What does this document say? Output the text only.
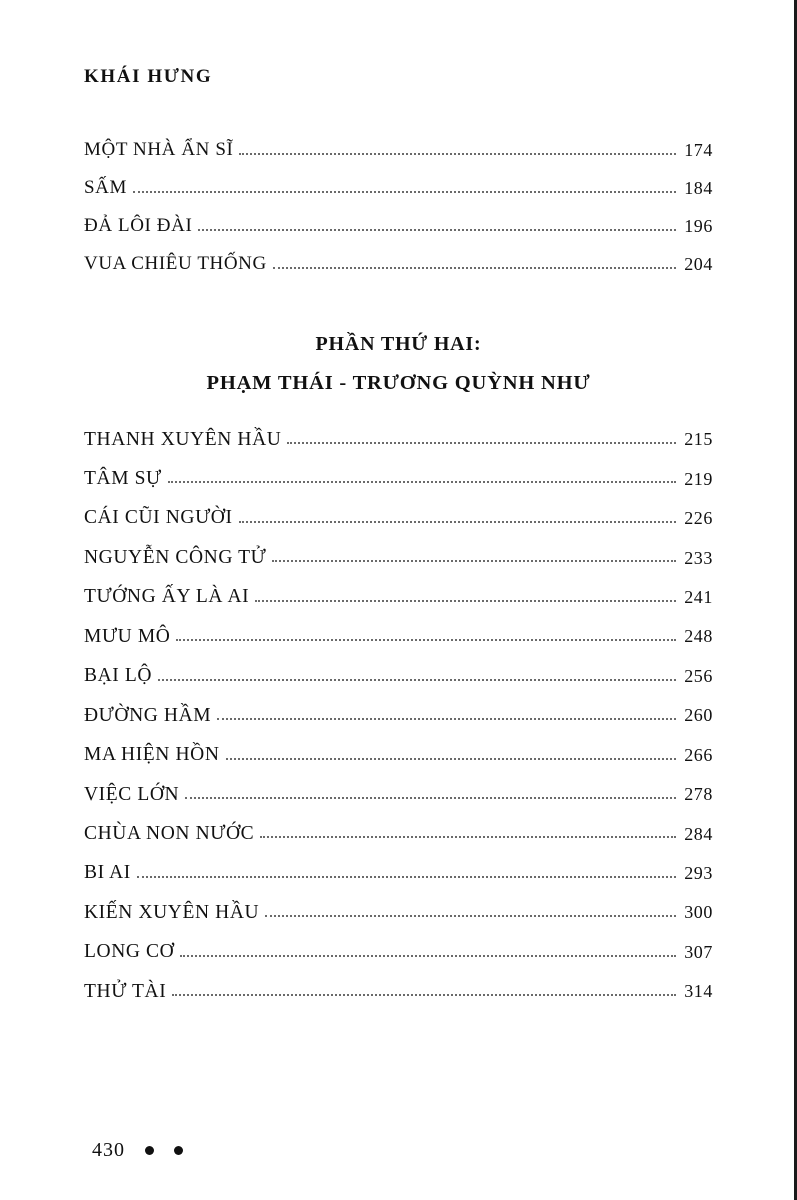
KHÁI HƯNG
MỘT NHÀ ẨN SĨ	174
SẤM	184
ĐẢ LÔI ĐÀI	196
VUA CHIÊU THỐNG	204
PHẦN THỨ HAI:
PHẠM THÁI - TRƯƠNG QUỲNH NHƯ
THANH XUYÊN HẦU	215
TÂM SỰ	219
CÁI CŨI NGƯỜI	226
NGUYỄN CÔNG TỬ	233
TƯỚNG ẤY LÀ AI	241
MƯU MÔ	248
BẠI LỘ	256
ĐƯỜNG HẦM	260
MA HIỆN HỒN	266
VIỆC LỚN	278
CHÙA NON NƯỚC	284
BI AI	293
KIẾN XUYÊN HẦU	300
LONG CƠ	307
THỬ TÀI	314
430
